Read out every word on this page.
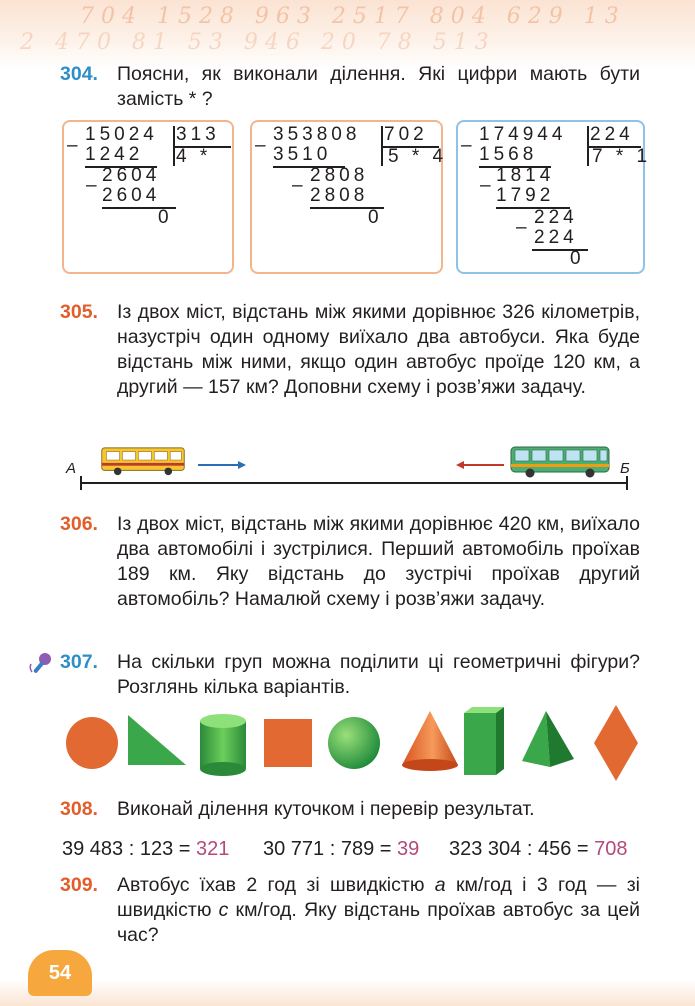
7 0 4   1 5 2 8   9 6 3   2 5 1 7   8 0 4   6 2 9   1 3
2   4 7 0   8 1   5 3   9 4 6   2 0   7 8   5 1 3
304. Поясни, як виконали ділення. Які цифри мають бути замість * ?
–
15024 313
4 *
1242
2604
– 2604
0
–
353808 702
5 * 4
3510
2808
– 2808
0
–
174944 224
7 * 1
1568
1814
– 1792
224
– 224
0
305. Із двох міст, відстань між якими дорівнює 326 кілометрів, назустріч один одному виїхало два автобуси. Яка буде відстань між ними, якщо один автобус проїде 120 км, а другий — 157 км? Доповни схему і розв’яжи задачу.
A	Б
306. Із двох міст, відстань між якими дорівнює 420 км, виїхало два автомобілі і зустрілися. Перший автомобіль проїхав 189 км. Яку відстань до зустрічі проїхав другий автомобіль? Намалюй схему і розв’яжи задачу.
307. На скільки груп можна поділити ці геометричні фігури? Розглянь кілька варіантів.
308. Виконай ділення куточком і перевір результат.
39 483 : 123 = 321 30 771 : 789 = 39 323 304 : 456 = 708
309. Автобус їхав 2 год зі швидкістю a км/год і 3 год — зі швидкістю c км/год. Яку відстань проїхав автобус за цей час?
54
